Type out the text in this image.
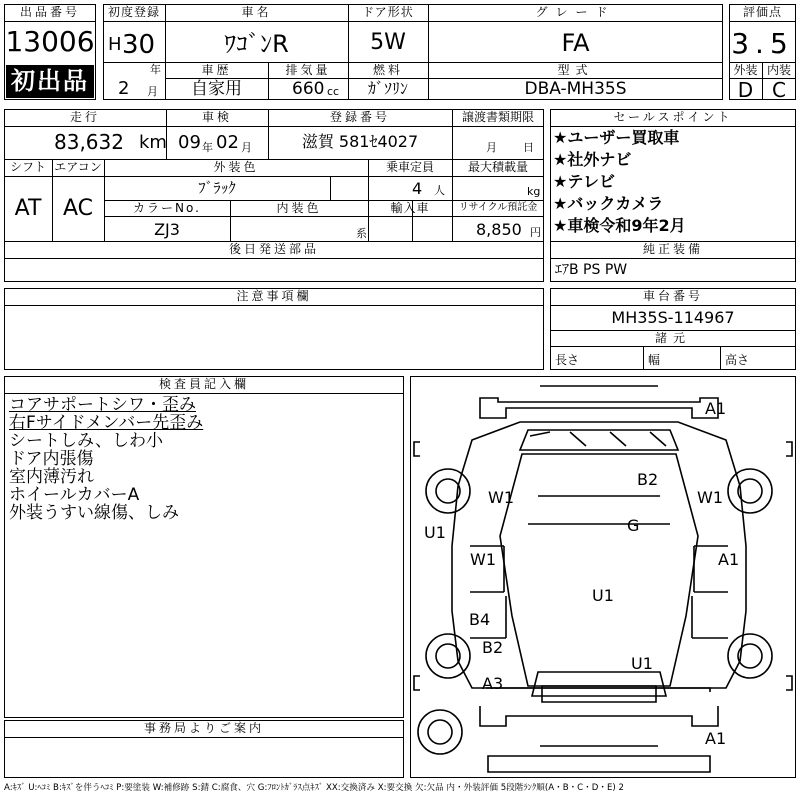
出品番号
13006
初出品
初度登録
H 30
年
2 月
車名
ﾜｺﾞﾝR
ドア形状
5W
グレード
FA
車歴
自家用
排気量
660 cc
燃料
ｶﾞｿﾘﾝ
型式
DBA-MH35S
評価点
3.5
外装 内装
D C
走行
83,632 km
車検
09 年 02 月
登録番号
滋賀 581ｾ4027
譲渡書類期限
月 日
シフト
AT
エアコン
AC
外装色
ﾌﾞﾗｯｸ
乗車定員
4 人
最大積載量
kg
カラーNo.
ZJ3
内装色
系
輸入車	リサイクル預託金
8,850 円
後日発送部品
セールスポイント
★ユーザー買取車
★社外ナビ
★テレビ
★バックカメラ
★車検令和9年2月
純正装備
ｴｱB PS PW
注意事項欄	車台番号
MH35S-114967
諸元
長さ	幅	高さ
検査員記入欄
コアサポートシワ・歪み
右Fサイドメンバー先歪み
シートしみ、しわ小
ドア内張傷
室内薄汚れ
ホイールカバーA
外装うすい線傷、しみ
事務局よりご案内
A1
B2
W1	W1
U1	G
W1	A1
U1
B4
B2
U1
A3
A1
A:ｷｽﾞ U:ﾍｺﾐ B:ｷｽﾞを伴うﾍｺﾐ P:要塗装 W:補修跡 S:錆 C:腐食、穴 G:ﾌﾛﾝﾄｶﾞﾗｽ点ｷｽﾞ XX:交換済み X:要交換 欠:欠品 内・外装評価 5段階ﾗﾝｸ順(A・B・C・D・E) 2
